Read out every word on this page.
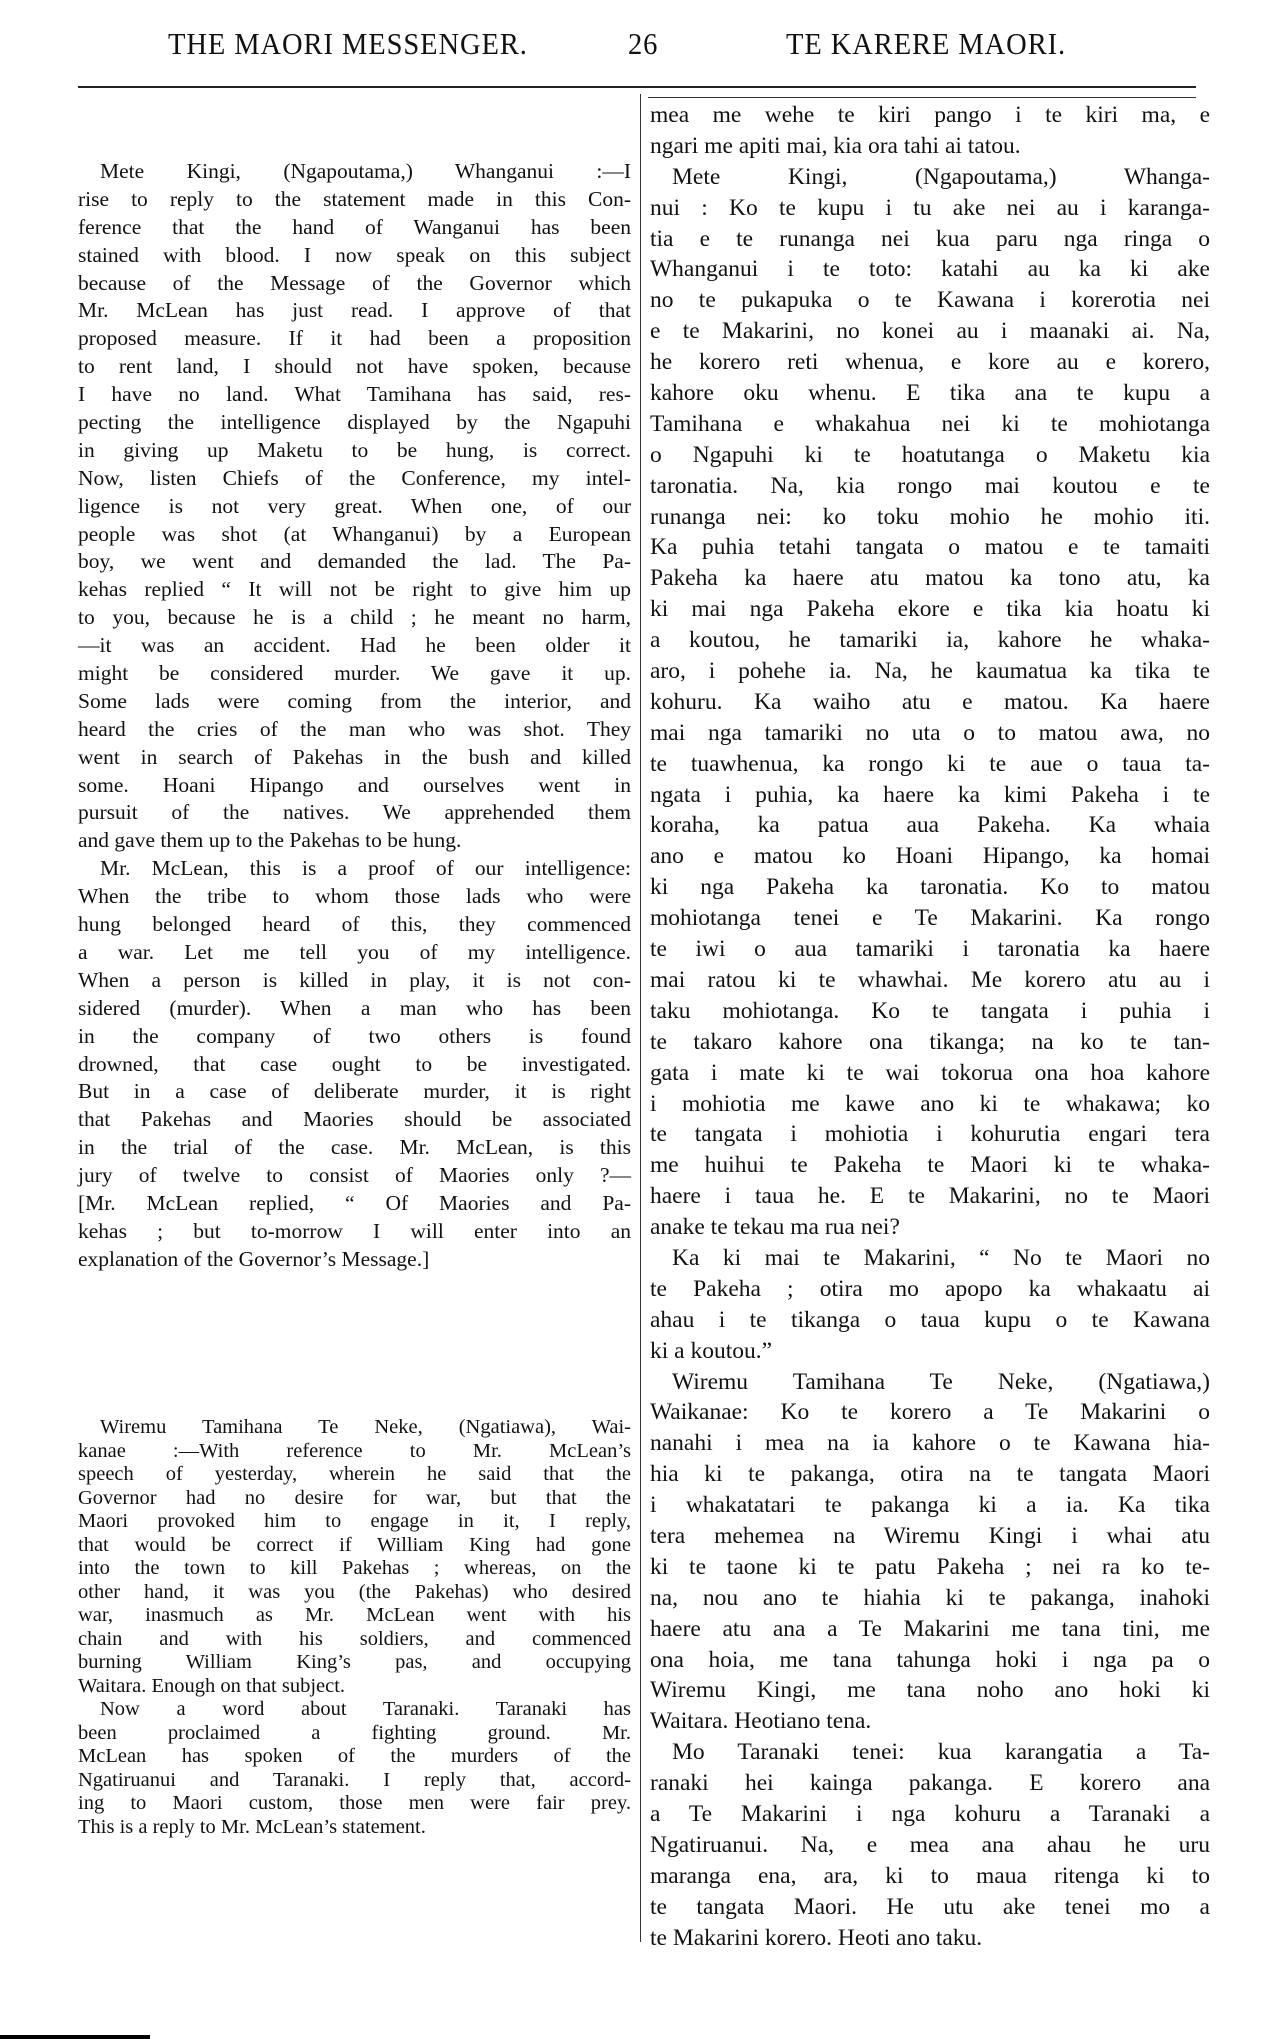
THE MAORI MESSENGER.	26	TE KARERE MAORI.
Mete Kingi, (Ngapoutama,) Whanganui :—I
rise to reply to the statement made in this Con-
ference that the hand of Wanganui has been
stained with blood. I now speak on this subject
because of the Message of the Governor which
Mr. McLean has just read. I approve of that
proposed measure. If it had been a proposition
to rent land, I should not have spoken, because
I have no land. What Tamihana has said, res-
pecting the intelligence displayed by the Ngapuhi
in giving up Maketu to be hung, is correct.
Now, listen Chiefs of the Conference, my intel-
ligence is not very great. When one, of our
people was shot (at Whanganui) by a European
boy, we went and demanded the lad. The Pa-
kehas replied “ It will not be right to give him up
to you, because he is a child ; he meant no harm,
—it was an accident. Had he been older it
might be considered murder. We gave it up.
Some lads were coming from the interior, and
heard the cries of the man who was shot. They
went in search of Pakehas in the bush and killed
some. Hoani Hipango and ourselves went in
pursuit of the natives. We apprehended them
and gave them up to the Pakehas to be hung.
Mr. McLean, this is a proof of our intelligence:
When the tribe to whom those lads who were
hung belonged heard of this, they commenced
a war. Let me tell you of my intelligence.
When a person is killed in play, it is not con-
sidered (murder). When a man who has been
in the company of two others is found
drowned, that case ought to be investigated.
But in a case of deliberate murder, it is right
that Pakehas and Maories should be associated
in the trial of the case. Mr. McLean, is this
jury of twelve to consist of Maories only ?—
[Mr. McLean replied, “ Of Maories and Pa-
kehas ; but to-morrow I will enter into an
explanation of the Governor’s Message.]
Wiremu Tamihana Te Neke, (Ngatiawa), Wai-
kanae :—With reference to Mr. McLean’s
speech of yesterday, wherein he said that the
Governor had no desire for war, but that the
Maori provoked him to engage in it, I reply,
that would be correct if William King had gone
into the town to kill Pakehas ; whereas, on the
other hand, it was you (the Pakehas) who desired
war, inasmuch as Mr. McLean went with his
chain and with his soldiers, and commenced
burning William King’s pas, and occupying
Waitara. Enough on that subject.
Now a word about Taranaki. Taranaki has
been proclaimed a fighting ground. Mr.
McLean has spoken of the murders of the
Ngatiruanui and Taranaki. I reply that, accord-
ing to Maori custom, those men were fair prey.
This is a reply to Mr. McLean’s statement.
mea me wehe te kiri pango i te kiri ma, e
ngari me apiti mai, kia ora tahi ai tatou.
Mete Kingi, (Ngapoutama,) Whanga-
nui : Ko te kupu i tu ake nei au i karanga-
tia e te runanga nei kua paru nga ringa o
Whanganui i te toto: katahi au ka ki ake
no te pukapuka o te Kawana i korerotia nei
e te Makarini, no konei au i maanaki ai. Na,
he korero reti whenua, e kore au e korero,
kahore oku whenu. E tika ana te kupu a
Tamihana e whakahua nei ki te mohiotanga
o Ngapuhi ki te hoatutanga o Maketu kia
taronatia. Na, kia rongo mai koutou e te
runanga nei: ko toku mohio he mohio iti.
Ka puhia tetahi tangata o matou e te tamaiti
Pakeha ka haere atu matou ka tono atu, ka
ki mai nga Pakeha ekore e tika kia hoatu ki
a koutou, he tamariki ia, kahore he whaka-
aro, i pohehe ia. Na, he kaumatua ka tika te
kohuru. Ka waiho atu e matou. Ka haere
mai nga tamariki no uta o to matou awa, no
te tuawhenua, ka rongo ki te aue o taua ta-
ngata i puhia, ka haere ka kimi Pakeha i te
koraha, ka patua aua Pakeha. Ka whaia
ano e matou ko Hoani Hipango, ka homai
ki nga Pakeha ka taronatia. Ko to matou
mohiotanga tenei e Te Makarini. Ka rongo
te iwi o aua tamariki i taronatia ka haere
mai ratou ki te whawhai. Me korero atu au i
taku mohiotanga. Ko te tangata i puhia i
te takaro kahore ona tikanga; na ko te tan-
gata i mate ki te wai tokorua ona hoa kahore
i mohiotia me kawe ano ki te whakawa; ko
te tangata i mohiotia i kohurutia engari tera
me huihui te Pakeha te Maori ki te whaka-
haere i taua he. E te Makarini, no te Maori
anake te tekau ma rua nei?
Ka ki mai te Makarini, “ No te Maori no
te Pakeha ; otira mo apopo ka whakaatu ai
ahau i te tikanga o taua kupu o te Kawana
ki a koutou.”
Wiremu Tamihana Te Neke, (Ngatiawa,)
Waikanae: Ko te korero a Te Makarini o
nanahi i mea na ia kahore o te Kawana hia-
hia ki te pakanga, otira na te tangata Maori
i whakatatari te pakanga ki a ia. Ka tika
tera mehemea na Wiremu Kingi i whai atu
ki te taone ki te patu Pakeha ; nei ra ko te-
na, nou ano te hiahia ki te pakanga, inahoki
haere atu ana a Te Makarini me tana tini, me
ona hoia, me tana tahunga hoki i nga pa o
Wiremu Kingi, me tana noho ano hoki ki
Waitara. Heotiano tena.
Mo Taranaki tenei: kua karangatia a Ta-
ranaki hei kainga pakanga. E korero ana
a Te Makarini i nga kohuru a Taranaki a
Ngatiruanui. Na, e mea ana ahau he uru
maranga ena, ara, ki to maua ritenga ki to
te tangata Maori. He utu ake tenei mo a
te Makarini korero. Heoti ano taku.
